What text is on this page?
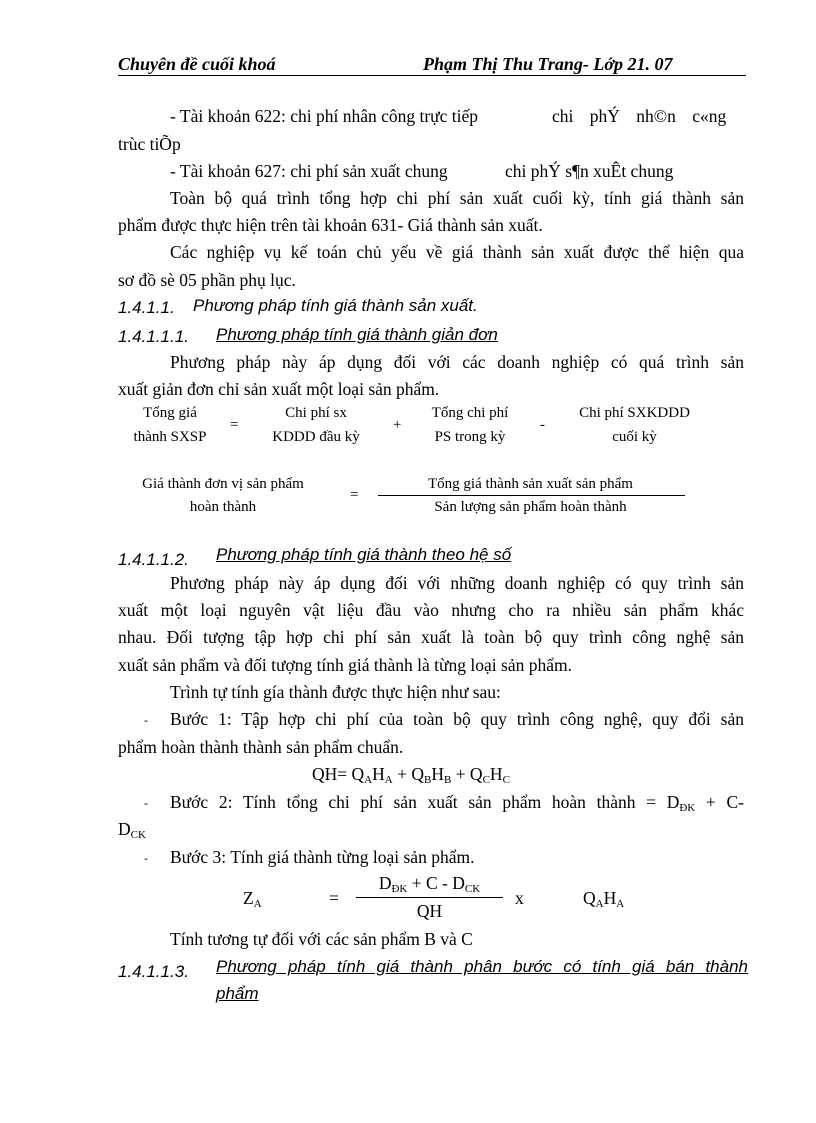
Chuyên đề cuối khoá	Phạm Thị Thu Trang- Lớp 21. 07
- Tài khoản 622: chi phí nhân công trực tiếp	chi phÝ nh©n c«ng
trùc tiÕp
- Tài khoản 627: chi phí sản xuất chung	chi phÝ s¶n xuÊt chung
Toàn bộ quá trình tổng hợp chi phí sản xuất cuối kỳ, tính giá thành sản
phẩm được thực hiện trên tài khoản 631- Giá thành sản xuất.
Các nghiệp vụ kế toán chủ yếu về giá thành sản xuất được thể hiện qua
sơ đồ sè 05 phần phụ lục.
1.4.1.1. Phương pháp tính giá thành sản xuất.
1.4.1.1.1. Phương pháp tính giá thành giản đơn
Phương pháp này áp dụng đối với các doanh nghiệp có quá trình sản
xuất giản đơn chỉ sản xuất một loại sản phẩm.
Tổng giá
thành SXSP
=
Chi phí sx
KDDD đầu kỳ
+
Tổng chi phí
PS trong kỳ
-
Chi phí SXKDDD
cuối kỳ
Giá thành đơn vị sản phẩm
hoàn thành
=
Tổng giá thành sản xuất sản phẩm
Sản lượng sản phẩm hoàn thành
1.4.1.1.2. Phương pháp tính giá thành theo hệ số
Phương pháp này áp dụng đối với những doanh nghiệp có quy trình sản
xuất một loại nguyên vật liệu đầu vào nhưng cho ra nhiều sản phẩm khác
nhau. Đối tượng tập hợp chi phí sản xuất là toàn bộ quy trình công nghệ sản
xuất sản phẩm và đối tượng tính giá thành là từng loại sản phẩm.
Trình tự tính gía thành được thực hiện như sau:
- Bước 1: Tập hợp chi phí của toàn bộ quy trình công nghệ, quy đổi sản
phẩm hoàn thành thành sản phẩm chuẩn.
$QH= Q_AH_A + Q_BH_B + Q_CH_C$
- Bước 2: Tính tổng chi phí sản xuất sản phẩm hoàn thành = $D_{ĐK} + C-$
$D_{CK}$
- Bước 3: Tính giá thành từng loại sản phẩm.
$Z_A$	=
$D_{ĐK} + C - D_{CK}$
QH
x	$Q_AH_A$
Tính tương tự đối với các sản phẩm B và C
1.4.1.1.3. Phương pháp tính giá thành phân bước có tính giá bán thành
phẩm
